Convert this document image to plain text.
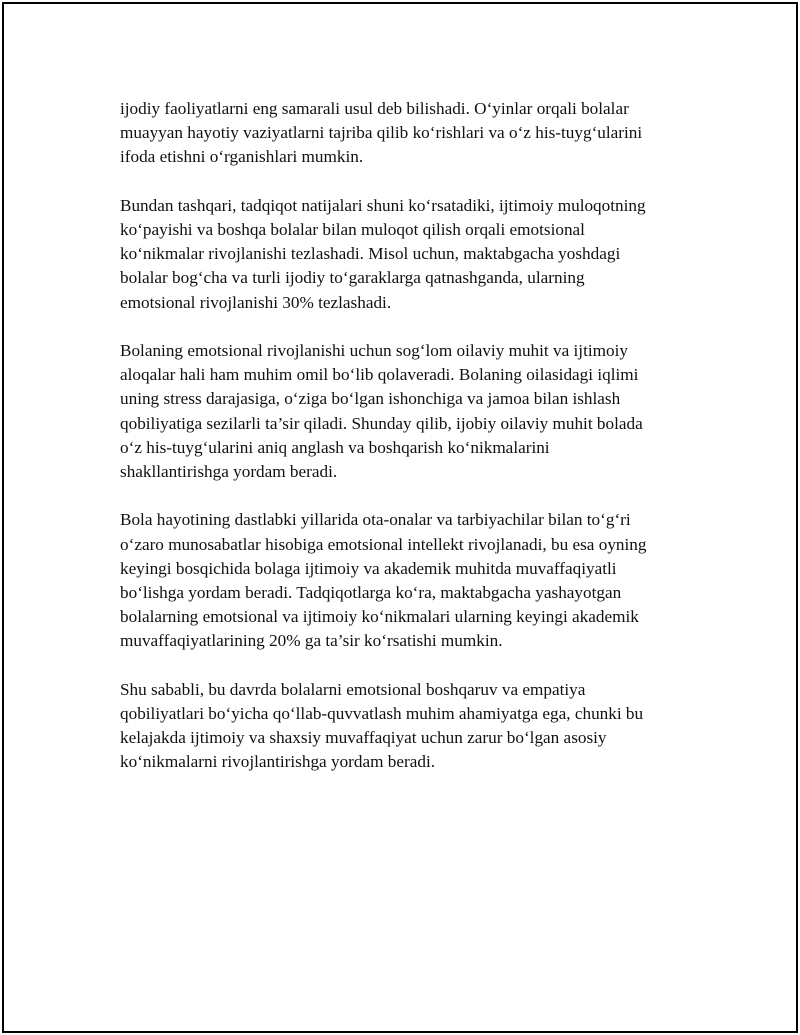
ijodiy faoliyatlarni eng samarali usul deb bilishadi. O‘yinlar orqali bolalar
muayyan hayotiy vaziyatlarni tajriba qilib ko‘rishlari va o‘z his-tuyg‘ularini
ifoda etishni o‘rganishlari mumkin.

Bundan tashqari, tadqiqot natijalari shuni ko‘rsatadiki, ijtimoiy muloqotning
ko‘payishi va boshqa bolalar bilan muloqot qilish orqali emotsional
ko‘nikmalar rivojlanishi tezlashadi. Misol uchun, maktabgacha yoshdagi
bolalar bog‘cha va turli ijodiy to‘garaklarga qatnashganda, ularning
emotsional rivojlanishi 30% tezlashadi.

Bolaning emotsional rivojlanishi uchun sog‘lom oilaviy muhit va ijtimoiy
aloqalar hali ham muhim omil bo‘lib qolaveradi. Bolaning oilasidagi iqlimi
uning stress darajasiga, o‘ziga bo‘lgan ishonchiga va jamoa bilan ishlash
qobiliyatiga sezilarli ta’sir qiladi. Shunday qilib, ijobiy oilaviy muhit bolada
o‘z his-tuyg‘ularini aniq anglash va boshqarish ko‘nikmalarini
shakllantirishga yordam beradi.

Bola hayotining dastlabki yillarida ota-onalar va tarbiyachilar bilan to‘g‘ri
o‘zaro munosabatlar hisobiga emotsional intellekt rivojlanadi, bu esa oyning
keyingi bosqichida bolaga ijtimoiy va akademik muhitda muvaffaqiyatli
bo‘lishga yordam beradi. Tadqiqotlarga ko‘ra, maktabgacha yashayotgan
bolalarning emotsional va ijtimoiy ko‘nikmalari ularning keyingi akademik
muvaffaqiyatlarining 20% ga ta’sir ko‘rsatishi mumkin.

Shu sababli, bu davrda bolalarni emotsional boshqaruv va empatiya
qobiliyatlari bo‘yicha qo‘llab-quvvatlash muhim ahamiyatga ega, chunki bu
kelajakda ijtimoiy va shaxsiy muvaffaqiyat uchun zarur bo‘lgan asosiy
ko‘nikmalarni rivojlantirishga yordam beradi.
